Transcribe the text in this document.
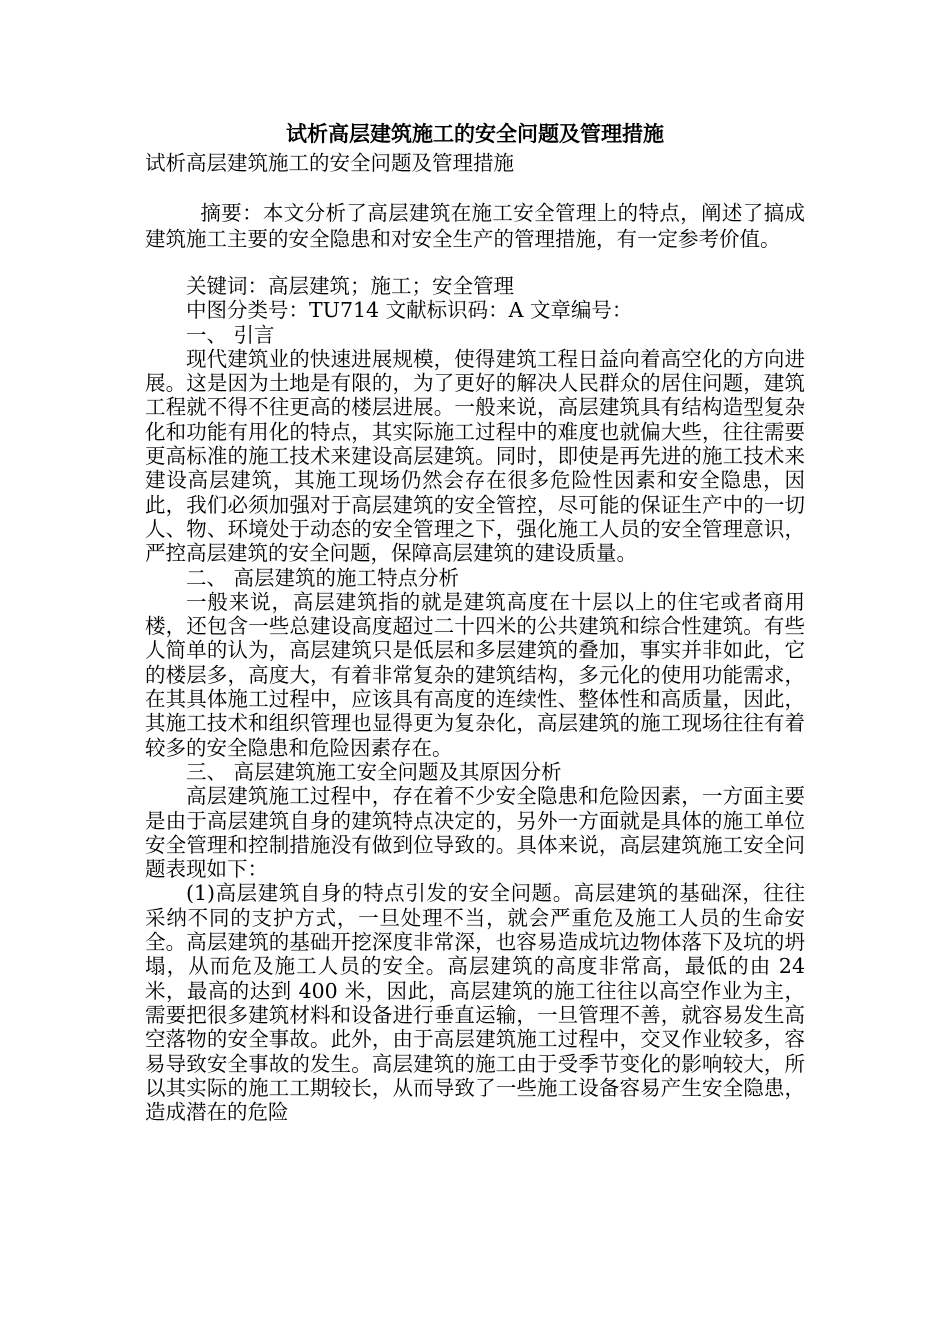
试析高层建筑施工的安全问题及管理措施

试析高层建筑施工的安全问题及管理措施

摘要：本文分析了高层建筑在施工安全管理上的特点，阐述了搞成建筑施工主要的安全隐患和对安全生产的管理措施，有一定参考价值。

关键词：高层建筑；施工；安全管理

中图分类号：TU714 文献标识码：A 文章编号：

一、 引言

现代建筑业的快速进展规模，使得建筑工程日益向着高空化的方向进展。这是因为土地是有限的，为了更好的解决人民群众的居住问题，建筑工程就不得不往更高的楼层进展。一般来说，高层建筑具有结构造型复杂化和功能有用化的特点，其实际施工过程中的难度也就偏大些，往往需要更高标准的施工技术来建设高层建筑。同时，即使是再先进的施工技术来建设高层建筑，其施工现场仍然会存在很多危险性因素和安全隐患，因此，我们必须加强对于高层建筑的安全管控，尽可能的保证生产中的一切人、物、环境处于动态的安全管理之下，强化施工人员的安全管理意识，严控高层建筑的安全问题，保障高层建筑的建设质量。

二、 高层建筑的施工特点分析

一般来说，高层建筑指的就是建筑高度在十层以上的住宅或者商用楼，还包含一些总建设高度超过二十四米的公共建筑和综合性建筑。有些人简单的认为，高层建筑只是低层和多层建筑的叠加，事实并非如此，它的楼层多，高度大，有着非常复杂的建筑结构，多元化的使用功能需求，在其具体施工过程中，应该具有高度的连续性、整体性和高质量，因此，其施工技术和组织管理也显得更为复杂化，高层建筑的施工现场往往有着较多的安全隐患和危险因素存在。

三、 高层建筑施工安全问题及其原因分析

高层建筑施工过程中，存在着不少安全隐患和危险因素，一方面主要是由于高层建筑自身的建筑特点决定的，另外一方面就是具体的施工单位安全管理和控制措施没有做到位导致的。具体来说，高层建筑施工安全问题表现如下：

(1)高层建筑自身的特点引发的安全问题。高层建筑的基础深，往往采纳不同的支护方式，一旦处理不当，就会严重危及施工人员的生命安全。高层建筑的基础开挖深度非常深，也容易造成坑边物体落下及坑的坍塌，从而危及施工人员的安全。高层建筑的高度非常高，最低的由 24 米，最高的达到 400 米，因此，高层建筑的施工往往以高空作业为主，需要把很多建筑材料和设备进行垂直运输，一旦管理不善，就容易发生高空落物的安全事故。此外，由于高层建筑施工过程中，交叉作业较多，容易导致安全事故的发生。高层建筑的施工由于受季节变化的影响较大，所以其实际的施工工期较长，从而导致了一些施工设备容易产生安全隐患，造成潜在的危险
